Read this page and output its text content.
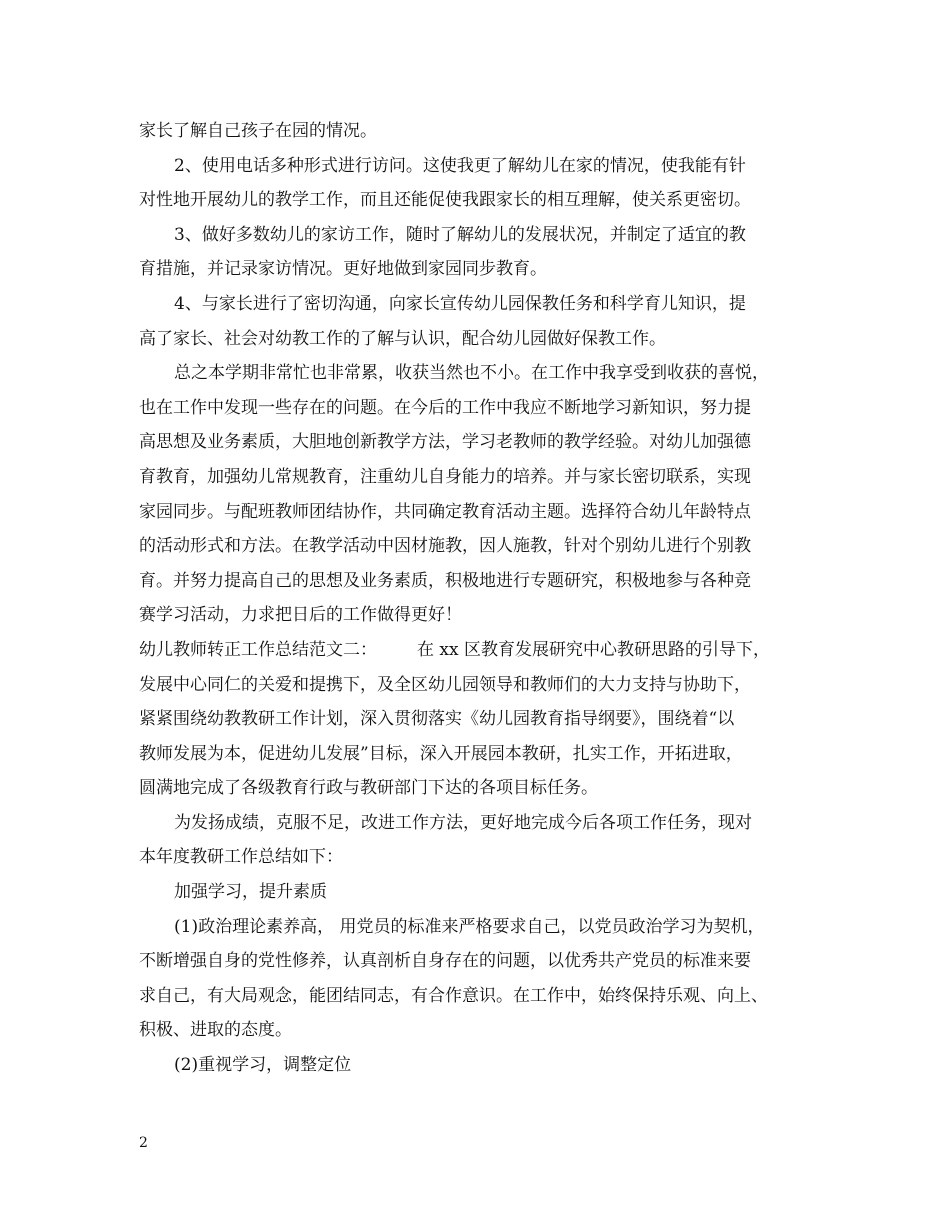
家长了解自己孩子在园的情况。
2、使用电话多种形式进行访问。这使我更了解幼儿在家的情况，使我能有针
对性地开展幼儿的教学工作，而且还能促使我跟家长的相互理解，使关系更密切。
3、做好多数幼儿的家访工作，随时了解幼儿的发展状况，并制定了适宜的教
育措施，并记录家访情况。更好地做到家园同步教育。
4、与家长进行了密切沟通，向家长宣传幼儿园保教任务和科学育儿知识，提
高了家长、社会对幼教工作的了解与认识，配合幼儿园做好保教工作。
总之本学期非常忙也非常累，收获当然也不小。在工作中我享受到收获的喜悦，
也在工作中发现一些存在的问题。在今后的工作中我应不断地学习新知识，努力提
高思想及业务素质，大胆地创新教学方法，学习老教师的教学经验。对幼儿加强德
育教育，加强幼儿常规教育，注重幼儿自身能力的培养。并与家长密切联系，实现
家园同步。与配班教师团结协作，共同确定教育活动主题。选择符合幼儿年龄特点
的活动形式和方法。在教学活动中因材施教，因人施教，针对个别幼儿进行个别教
育。并努力提高自己的思想及业务素质，积极地进行专题研究，积极地参与各种竞
赛学习活动，力求把日后的工作做得更好！
幼儿教师转正工作总结范文二： 在 xx 区教育发展研究中心教研思路的引导下，
发展中心同仁的关爱和提携下，及全区幼儿园领导和教师们的大力支持与协助下，
紧紧围绕幼教教研工作计划，深入贯彻落实《幼儿园教育指导纲要》，围绕着“以
教师发展为本，促进幼儿发展”目标，深入开展园本教研，扎实工作，开拓进取，
圆满地完成了各级教育行政与教研部门下达的各项目标任务。
为发扬成绩，克服不足，改进工作方法，更好地完成今后各项工作任务，现对
本年度教研工作总结如下：
加强学习，提升素质
(1)政治理论素养高， 用党员的标准来严格要求自己，以党员政治学习为契机，
不断增强自身的党性修养，认真剖析自身存在的问题，以优秀共产党员的标准来要
求自己，有大局观念，能团结同志，有合作意识。在工作中，始终保持乐观、向上、
积极、进取的态度。
(2)重视学习，调整定位
2
